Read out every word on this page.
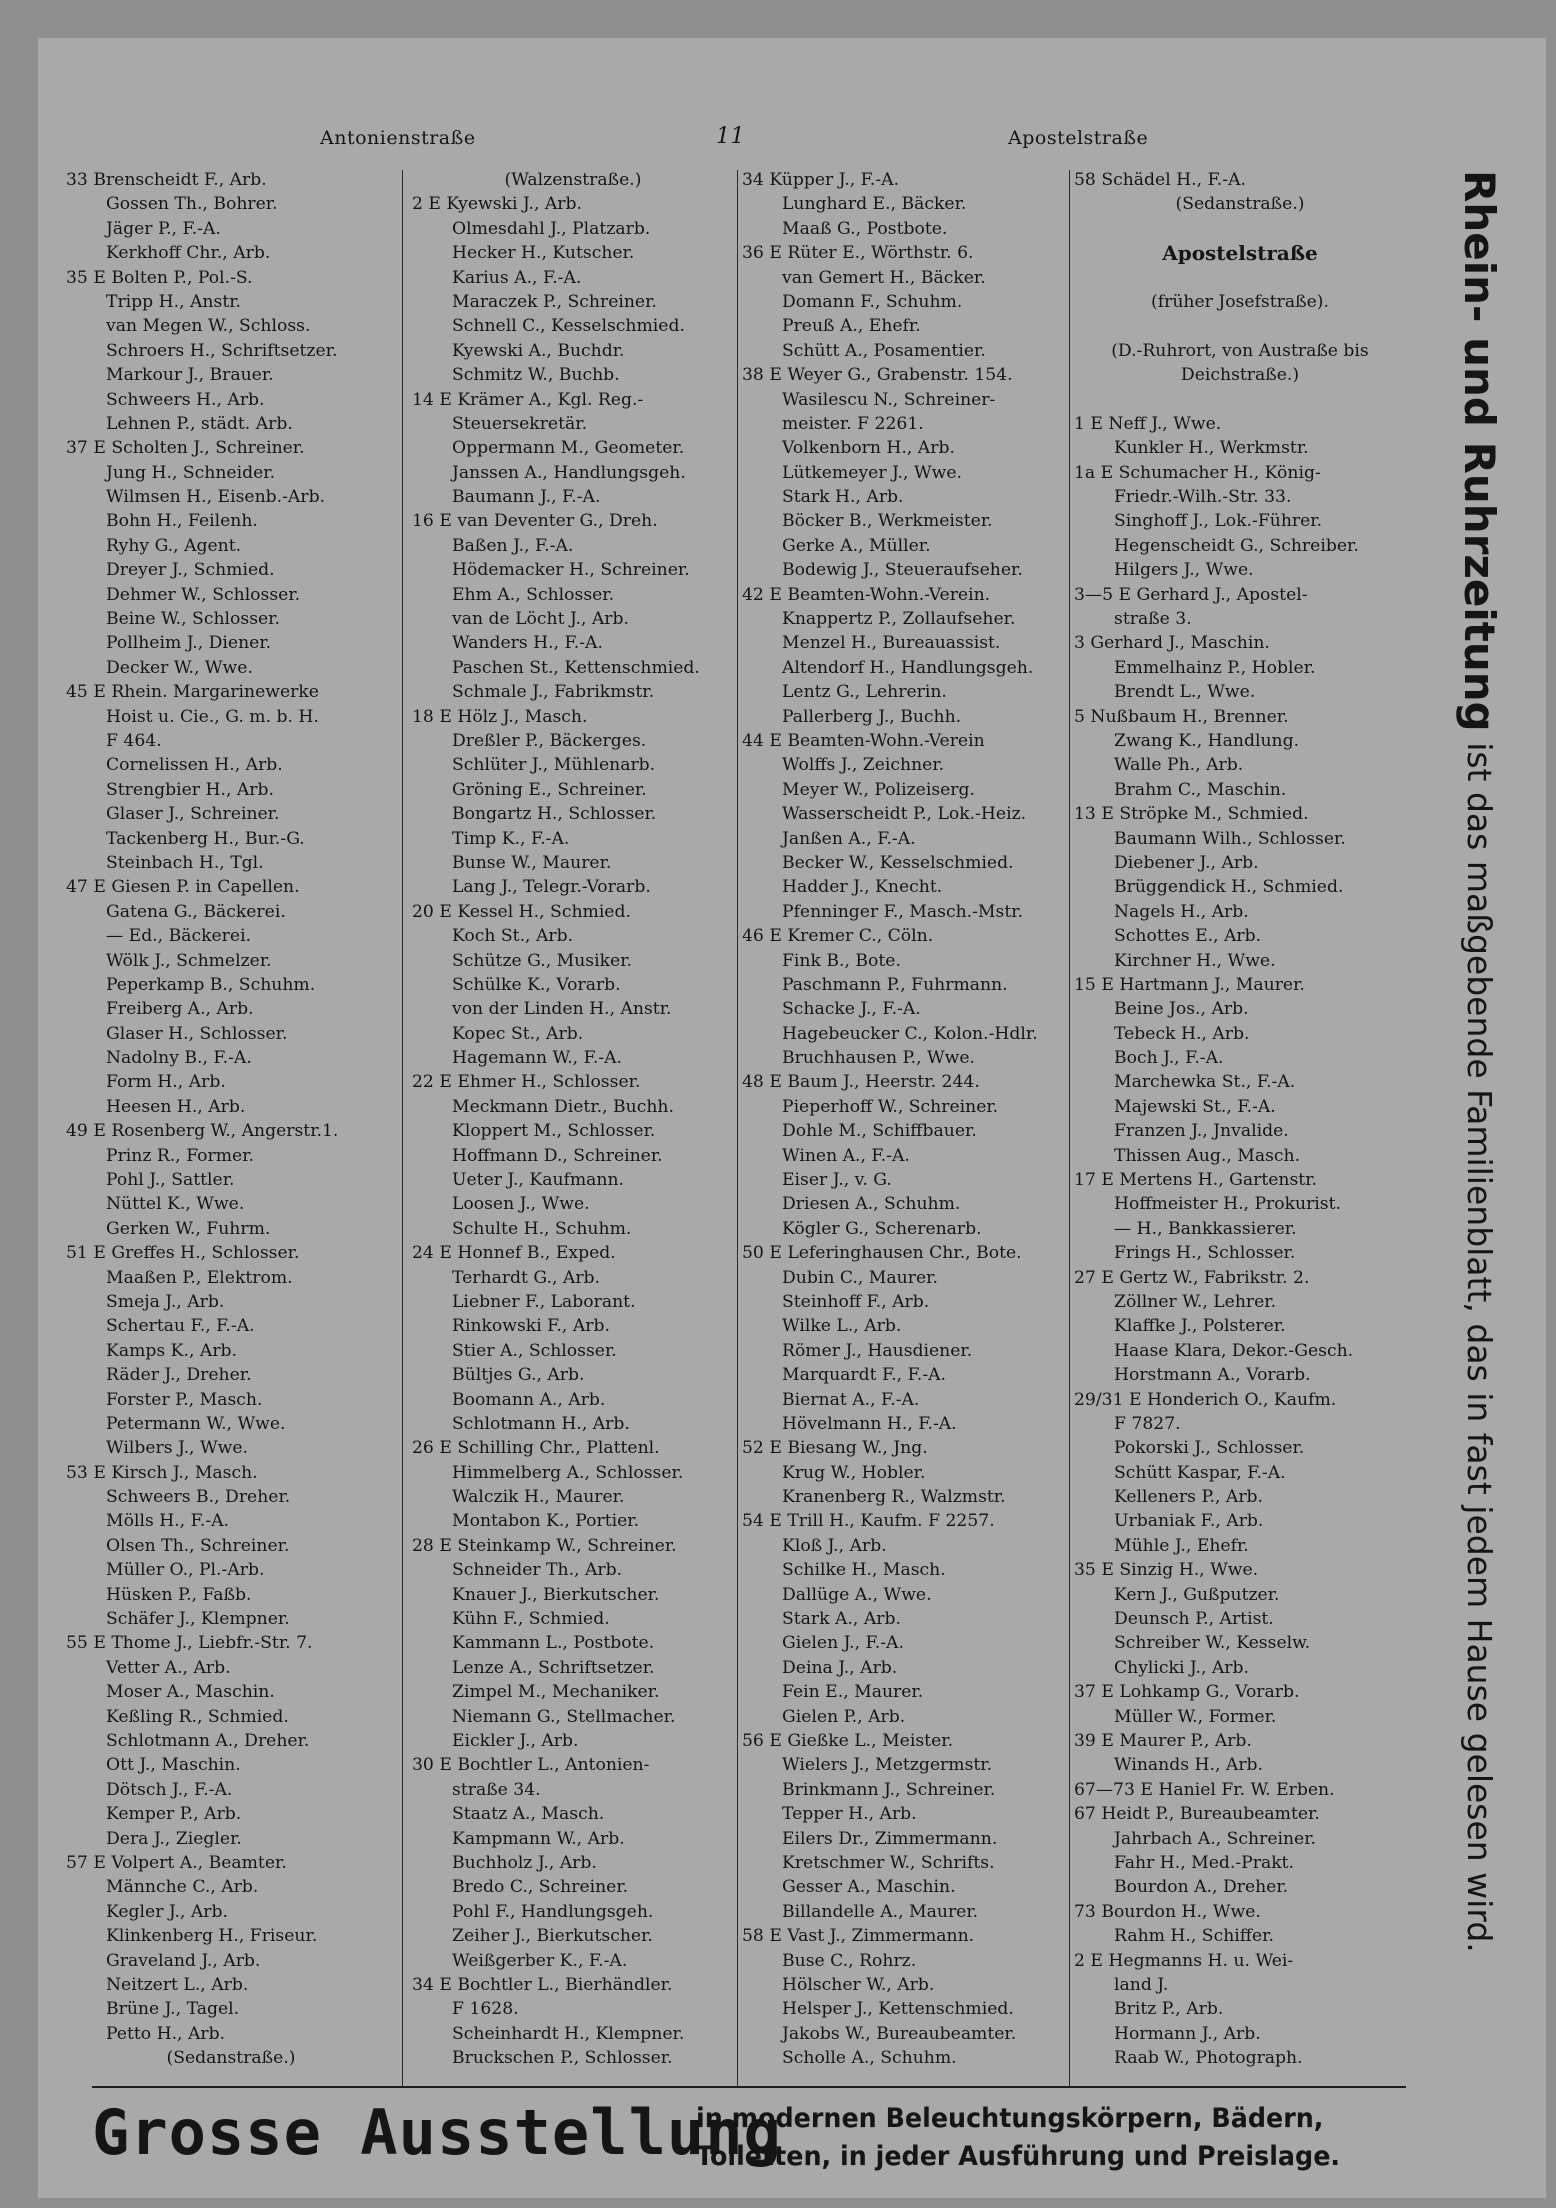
Antonienstraße	11	Apostelstraße
33 Brenscheidt F., Arb.
Gossen Th., Bohrer.
Jäger P., F.-A.
Kerkhoff Chr., Arb.
35 E Bolten P., Pol.-S.
Tripp H., Anstr.
van Megen W., Schloss.
Schroers H., Schriftsetzer.
Markour J., Brauer.
Schweers H., Arb.
Lehnen P., städt. Arb.
37 E Scholten J., Schreiner.
Jung H., Schneider.
Wilmsen H., Eisenb.-Arb.
Bohn H., Feilenh.
Ryhy G., Agent.
Dreyer J., Schmied.
Dehmer W., Schlosser.
Beine W., Schlosser.
Pollheim J., Diener.
Decker W., Wwe.
45 E Rhein. Margarinewerke
Hoist u. Cie., G. m. b. H.
F 464.
Cornelissen H., Arb.
Strengbier H., Arb.
Glaser J., Schreiner.
Tackenberg H., Bur.-G.
Steinbach H., Tgl.
47 E Giesen P. in Capellen.
Gatena G., Bäckerei.
— Ed., Bäckerei.
Wölk J., Schmelzer.
Peperkamp B., Schuhm.
Freiberg A., Arb.
Glaser H., Schlosser.
Nadolny B., F.-A.
Form H., Arb.
Heesen H., Arb.
49 E Rosenberg W., Angerstr.1.
Prinz R., Former.
Pohl J., Sattler.
Nüttel K., Wwe.
Gerken W., Fuhrm.
51 E Greffes H., Schlosser.
Maaßen P., Elektrom.
Smeja J., Arb.
Schertau F., F.-A.
Kamps K., Arb.
Räder J., Dreher.
Forster P., Masch.
Petermann W., Wwe.
Wilbers J., Wwe.
53 E Kirsch J., Masch.
Schweers B., Dreher.
Mölls H., F.-A.
Olsen Th., Schreiner.
Müller O., Pl.-Arb.
Hüsken P., Faßb.
Schäfer J., Klempner.
55 E Thome J., Liebfr.-Str. 7.
Vetter A., Arb.
Moser A., Maschin.
Keßling R., Schmied.
Schlotmann A., Dreher.
Ott J., Maschin.
Dötsch J., F.-A.
Kemper P., Arb.
Dera J., Ziegler.
57 E Volpert A., Beamter.
Männche C., Arb.
Kegler J., Arb.
Klinkenberg H., Friseur.
Graveland J., Arb.
Neitzert L., Arb.
Brüne J., Tagel.
Petto H., Arb.
(Sedanstraße.)
(Walzenstraße.)
2 E Kyewski J., Arb.
Olmesdahl J., Platzarb.
Hecker H., Kutscher.
Karius A., F.-A.
Maraczek P., Schreiner.
Schnell C., Kesselschmied.
Kyewski A., Buchdr.
Schmitz W., Buchb.
14 E Krämer A., Kgl. Reg.-
Steuersekretär.
Oppermann M., Geometer.
Janssen A., Handlungsgeh.
Baumann J., F.-A.
16 E van Deventer G., Dreh.
Baßen J., F.-A.
Hödemacker H., Schreiner.
Ehm A., Schlosser.
van de Löcht J., Arb.
Wanders H., F.-A.
Paschen St., Kettenschmied.
Schmale J., Fabrikmstr.
18 E Hölz J., Masch.
Dreßler P., Bäckerges.
Schlüter J., Mühlenarb.
Gröning E., Schreiner.
Bongartz H., Schlosser.
Timp K., F.-A.
Bunse W., Maurer.
Lang J., Telegr.-Vorarb.
20 E Kessel H., Schmied.
Koch St., Arb.
Schütze G., Musiker.
Schülke K., Vorarb.
von der Linden H., Anstr.
Kopec St., Arb.
Hagemann W., F.-A.
22 E Ehmer H., Schlosser.
Meckmann Dietr., Buchh.
Kloppert M., Schlosser.
Hoffmann D., Schreiner.
Ueter J., Kaufmann.
Loosen J., Wwe.
Schulte H., Schuhm.
24 E Honnef B., Exped.
Terhardt G., Arb.
Liebner F., Laborant.
Rinkowski F., Arb.
Stier A., Schlosser.
Bültjes G., Arb.
Boomann A., Arb.
Schlotmann H., Arb.
26 E Schilling Chr., Plattenl.
Himmelberg A., Schlosser.
Walczik H., Maurer.
Montabon K., Portier.
28 E Steinkamp W., Schreiner.
Schneider Th., Arb.
Knauer J., Bierkutscher.
Kühn F., Schmied.
Kammann L., Postbote.
Lenze A., Schriftsetzer.
Zimpel M., Mechaniker.
Niemann G., Stellmacher.
Eickler J., Arb.
30 E Bochtler L., Antonien-
straße 34.
Staatz A., Masch.
Kampmann W., Arb.
Buchholz J., Arb.
Bredo C., Schreiner.
Pohl F., Handlungsgeh.
Zeiher J., Bierkutscher.
Weißgerber K., F.-A.
34 E Bochtler L., Bierhändler.
F 1628.
Scheinhardt H., Klempner.
Bruckschen P., Schlosser.
34 Küpper J., F.-A.
Lunghard E., Bäcker.
Maaß G., Postbote.
36 E Rüter E., Wörthstr. 6.
van Gemert H., Bäcker.
Domann F., Schuhm.
Preuß A., Ehefr.
Schütt A., Posamentier.
38 E Weyer G., Grabenstr. 154.
Wasilescu N., Schreiner-
meister. F 2261.
Volkenborn H., Arb.
Lütkemeyer J., Wwe.
Stark H., Arb.
Böcker B., Werkmeister.
Gerke A., Müller.
Bodewig J., Steueraufseher.
42 E Beamten-Wohn.-Verein.
Knappertz P., Zollaufseher.
Menzel H., Bureauassist.
Altendorf H., Handlungsgeh.
Lentz G., Lehrerin.
Pallerberg J., Buchh.
44 E Beamten-Wohn.-Verein
Wolffs J., Zeichner.
Meyer W., Polizeiserg.
Wasserscheidt P., Lok.-Heiz.
Janßen A., F.-A.
Becker W., Kesselschmied.
Hadder J., Knecht.
Pfenninger F., Masch.-Mstr.
46 E Kremer C., Cöln.
Fink B., Bote.
Paschmann P., Fuhrmann.
Schacke J., F.-A.
Hagebeucker C., Kolon.-Hdlr.
Bruchhausen P., Wwe.
48 E Baum J., Heerstr. 244.
Pieperhoff W., Schreiner.
Dohle M., Schiffbauer.
Winen A., F.-A.
Eiser J., v. G.
Driesen A., Schuhm.
Kögler G., Scherenarb.
50 E Leferinghausen Chr., Bote.
Dubin C., Maurer.
Steinhoff F., Arb.
Wilke L., Arb.
Römer J., Hausdiener.
Marquardt F., F.-A.
Biernat A., F.-A.
Hövelmann H., F.-A.
52 E Biesang W., Jng.
Krug W., Hobler.
Kranenberg R., Walzmstr.
54 E Trill H., Kaufm. F 2257.
Kloß J., Arb.
Schilke H., Masch.
Dallüge A., Wwe.
Stark A., Arb.
Gielen J., F.-A.
Deina J., Arb.
Fein E., Maurer.
Gielen P., Arb.
56 E Gießke L., Meister.
Wielers J., Metzgermstr.
Brinkmann J., Schreiner.
Tepper H., Arb.
Eilers Dr., Zimmermann.
Kretschmer W., Schrifts.
Gesser A., Maschin.
Billandelle A., Maurer.
58 E Vast J., Zimmermann.
Buse C., Rohrz.
Hölscher W., Arb.
Helsper J., Kettenschmied.
Jakobs W., Bureaubeamter.
Scholle A., Schuhm.
58 Schädel H., F.-A.
(Sedanstraße.)
Apostelstraße
(früher Josefstraße).
(D.-Ruhrort, von Austraße bis
Deichstraße.)
1 E Neff J., Wwe.
Kunkler H., Werkmstr.
1a E Schumacher H., König-
Friedr.-Wilh.-Str. 33.
Singhoff J., Lok.-Führer.
Hegenscheidt G., Schreiber.
Hilgers J., Wwe.
3—5 E Gerhard J., Apostel-
straße 3.
3 Gerhard J., Maschin.
Emmelhainz P., Hobler.
Brendt L., Wwe.
5 Nußbaum H., Brenner.
Zwang K., Handlung.
Walle Ph., Arb.
Brahm C., Maschin.
13 E Ströpke M., Schmied.
Baumann Wilh., Schlosser.
Diebener J., Arb.
Brüggendick H., Schmied.
Nagels H., Arb.
Schottes E., Arb.
Kirchner H., Wwe.
15 E Hartmann J., Maurer.
Beine Jos., Arb.
Tebeck H., Arb.
Boch J., F.-A.
Marchewka St., F.-A.
Majewski St., F.-A.
Franzen J., Jnvalide.
Thissen Aug., Masch.
17 E Mertens H., Gartenstr.
Hoffmeister H., Prokurist.
— H., Bankkassierer.
Frings H., Schlosser.
27 E Gertz W., Fabrikstr. 2.
Zöllner W., Lehrer.
Klaffke J., Polsterer.
Haase Klara, Dekor.-Gesch.
Horstmann A., Vorarb.
29/31 E Honderich O., Kaufm.
F 7827.
Pokorski J., Schlosser.
Schütt Kaspar, F.-A.
Kelleners P., Arb.
Urbaniak F., Arb.
Mühle J., Ehefr.
35 E Sinzig H., Wwe.
Kern J., Gußputzer.
Deunsch P., Artist.
Schreiber W., Kesselw.
Chylicki J., Arb.
37 E Lohkamp G., Vorarb.
Müller W., Former.
39 E Maurer P., Arb.
Winands H., Arb.
67—73 E Haniel Fr. W. Erben.
67 Heidt P., Bureaubeamter.
Jahrbach A., Schreiner.
Fahr H., Med.-Prakt.
Bourdon A., Dreher.
73 Bourdon H., Wwe.
Rahm H., Schiffer.
2 E Hegmanns H. u. Wei-
land J.
Britz P., Arb.
Hormann J., Arb.
Raab W., Photograph.
Rhein- und Ruhrzeitung ist das maßgebende Familienblatt, das in fast jedem Hause gelesen wird.
Grosse Ausstellung
in modernen Beleuchtungskörpern, Bädern,
Toiletten, in jeder Ausführung und Preislage.
